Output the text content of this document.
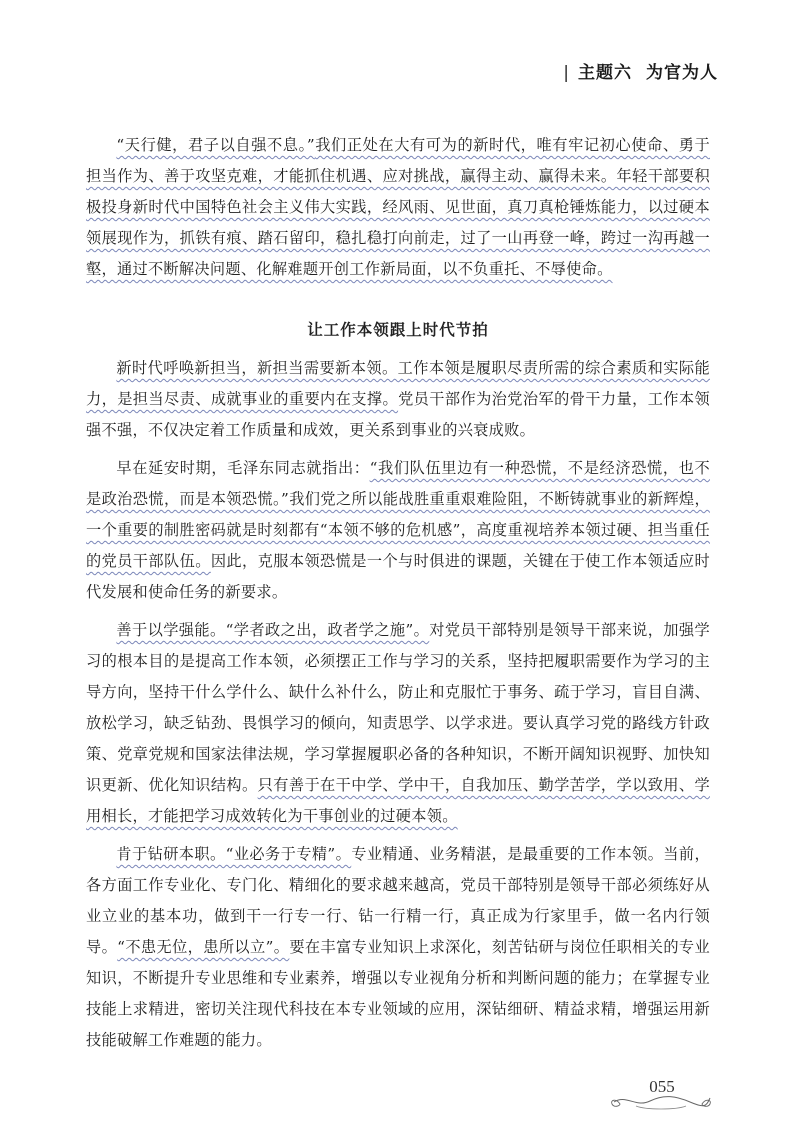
| 主题六 为官为人

“天行健，君子以自强不息。”我们正处在大有可为的新时代，唯有牢记初心使命、勇于担当作为、善于攻坚克难，才能抓住机遇、应对挑战，赢得主动、赢得未来。年轻干部要积极投身新时代中国特色社会主义伟大实践，经风雨、见世面，真刀真枪锤炼能力，以过硬本领展现作为，抓铁有痕、踏石留印，稳扎稳打向前走，过了一山再登一峰，跨过一沟再越一壑，通过不断解决问题、化解难题开创工作新局面，以不负重托、不辱使命。

让工作本领跟上时代节拍

新时代呼唤新担当，新担当需要新本领。工作本领是履职尽责所需的综合素质和实际能力，是担当尽责、成就事业的重要内在支撑。党员干部作为治党治军的骨干力量，工作本领强不强，不仅决定着工作质量和成效，更关系到事业的兴衰成败。

早在延安时期，毛泽东同志就指出：“我们队伍里边有一种恐慌，不是经济恐慌，也不是政治恐慌，而是本领恐慌。”我们党之所以能战胜重重艰难险阻，不断铸就事业的新辉煌，一个重要的制胜密码就是时刻都有“本领不够的危机感”，高度重视培养本领过硬、担当重任的党员干部队伍。因此，克服本领恐慌是一个与时俱进的课题，关键在于使工作本领适应时代发展和使命任务的新要求。

善于以学强能。“学者政之出，政者学之施”。对党员干部特别是领导干部来说，加强学习的根本目的是提高工作本领，必须摆正工作与学习的关系，坚持把履职需要作为学习的主导方向，坚持干什么学什么、缺什么补什么，防止和克服忙于事务、疏于学习，盲目自满、放松学习，缺乏钻劲、畏惧学习的倾向，知责思学、以学求进。要认真学习党的路线方针政策、党章党规和国家法律法规，学习掌握履职必备的各种知识，不断开阔知识视野、加快知识更新、优化知识结构。只有善于在干中学、学中干，自我加压、勤学苦学，学以致用、学用相长，才能把学习成效转化为干事创业的过硬本领。

肯于钻研本职。“业必务于专精”。专业精通、业务精湛，是最重要的工作本领。当前，各方面工作专业化、专门化、精细化的要求越来越高，党员干部特别是领导干部必须练好从业立业的基本功，做到干一行专一行、钻一行精一行，真正成为行家里手，做一名内行领导。“不患无位，患所以立”。要在丰富专业知识上求深化，刻苦钻研与岗位任职相关的专业知识，不断提升专业思维和专业素养，增强以专业视角分析和判断问题的能力；在掌握专业技能上求精进，密切关注现代科技在本专业领域的应用，深钻细研、精益求精，增强运用新技能破解工作难题的能力。

055
